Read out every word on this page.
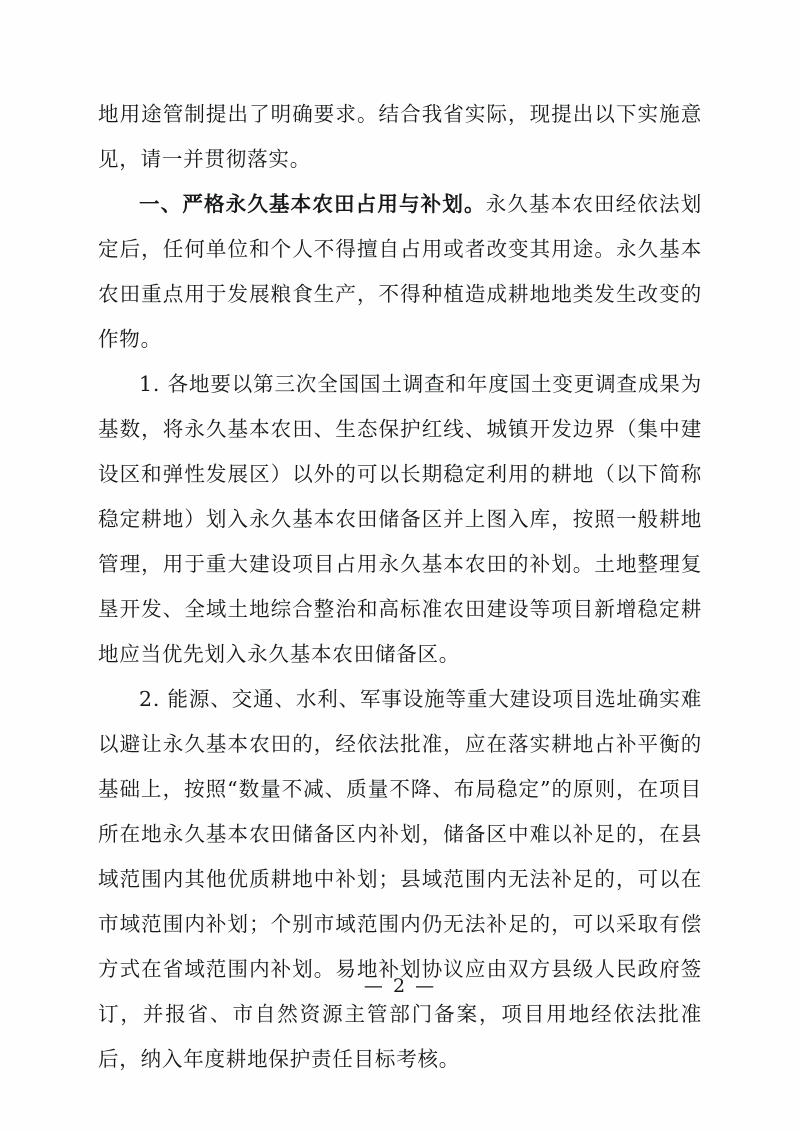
地用途管制提出了明确要求。结合我省实际，现提出以下实施意见，请一并贯彻落实。

一、严格永久基本农田占用与补划。永久基本农田经依法划定后，任何单位和个人不得擅自占用或者改变其用途。永久基本农田重点用于发展粮食生产，不得种植造成耕地地类发生改变的作物。

1. 各地要以第三次全国国土调查和年度国土变更调查成果为基数，将永久基本农田、生态保护红线、城镇开发边界（集中建设区和弹性发展区）以外的可以长期稳定利用的耕地（以下简称稳定耕地）划入永久基本农田储备区并上图入库，按照一般耕地管理，用于重大建设项目占用永久基本农田的补划。土地整理复垦开发、全域土地综合整治和高标准农田建设等项目新增稳定耕地应当优先划入永久基本农田储备区。

2. 能源、交通、水利、军事设施等重大建设项目选址确实难以避让永久基本农田的，经依法批准，应在落实耕地占补平衡的基础上，按照“数量不减、质量不降、布局稳定”的原则，在项目所在地永久基本农田储备区内补划，储备区中难以补足的，在县域范围内其他优质耕地中补划；县域范围内无法补足的，可以在市域范围内补划；个别市域范围内仍无法补足的，可以采取有偿方式在省域范围内补划。易地补划协议应由双方县级人民政府签订，并报省、市自然资源主管部门备案，项目用地经依法批准后，纳入年度耕地保护责任目标考核。

— 2 —
